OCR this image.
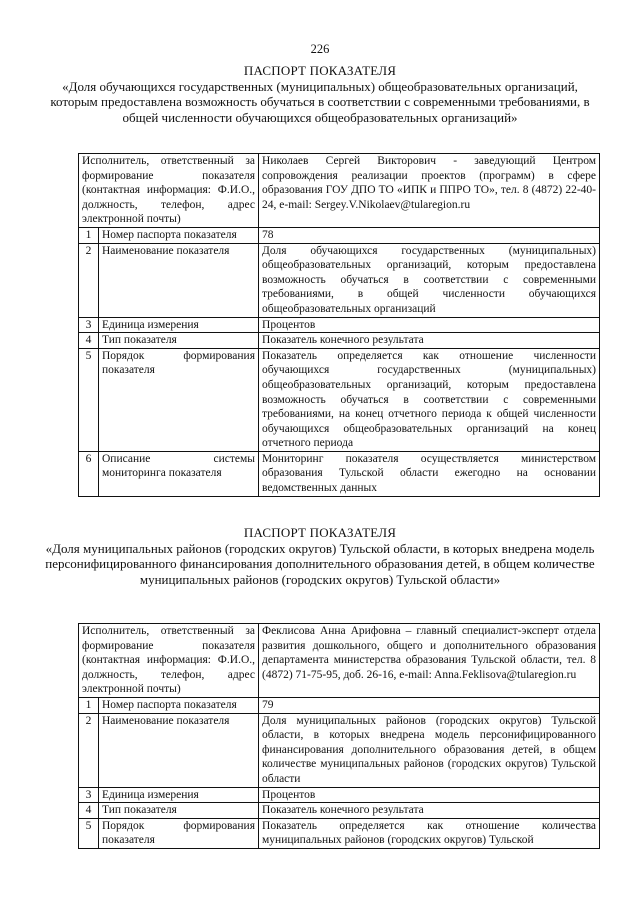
226
ПАСПОРТ ПОКАЗАТЕЛЯ
«Доля обучающихся государственных (муниципальных) общеобразовательных организаций, которым предоставлена возможность обучаться в соответствии с современными требованиями, в общей численности обучающихся общеобразовательных организаций»
Исполнитель, ответственный за формирование показателя (контактная информация: Ф.И.О., должность, телефон, адрес электронной почты)		Николаев Сергей Викторович - заведующий Центром сопровождения реализации проектов (программ) в сфере образования ГОУ ДПО ТО «ИПК и ППРО ТО», тел. 8 (4872) 22-40-24, e-mail: Sergey.V.Nikolaev@tularegion.ru
1	Номер паспорта показателя	78
2	Наименование показателя	Доля обучающихся государственных (муниципальных) общеобразовательных организаций, которым предоставлена возможность обучаться в соответствии с современными требованиями, в общей численности обучающихся общеобразовательных организаций
3	Единица измерения	Процентов
4	Тип показателя	Показатель конечного результата
5	Порядок формирования показателя	Показатель определяется как отношение численности обучающихся государственных (муниципальных) общеобразовательных организаций, которым предоставлена возможность обучаться в соответствии с современными требованиями, на конец отчетного периода к общей численности обучающихся общеобразовательных организаций на конец отчетного периода
6	Описание системы мониторинга показателя	Мониторинг показателя осуществляется министерством образования Тульской области ежегодно на основании ведомственных данных
ПАСПОРТ ПОКАЗАТЕЛЯ
«Доля муниципальных районов (городских округов) Тульской области, в которых внедрена модель персонифицированного финансирования дополнительного образования детей, в общем количестве муниципальных районов (городских округов) Тульской области»
Исполнитель, ответственный за формирование показателя (контактная информация: Ф.И.О., должность, телефон, адрес электронной почты)		Феклисова Анна Арифовна – главный специалист-эксперт отдела развития дошкольного, общего и дополнительного образования департамента министерства образования Тульской области, тел. 8 (4872) 71-75-95, доб. 26-16, e-mail: Anna.Feklisova@tularegion.ru
1	Номер паспорта показателя	79
2	Наименование показателя	Доля муниципальных районов (городских округов) Тульской области, в которых внедрена модель персонифицированного финансирования дополнительного образования детей, в общем количестве муниципальных районов (городских округов) Тульской области
3	Единица измерения	Процентов
4	Тип показателя	Показатель конечного результата
5	Порядок формирования показателя	Показатель определяется как отношение количества муниципальных районов (городских округов) Тульской
